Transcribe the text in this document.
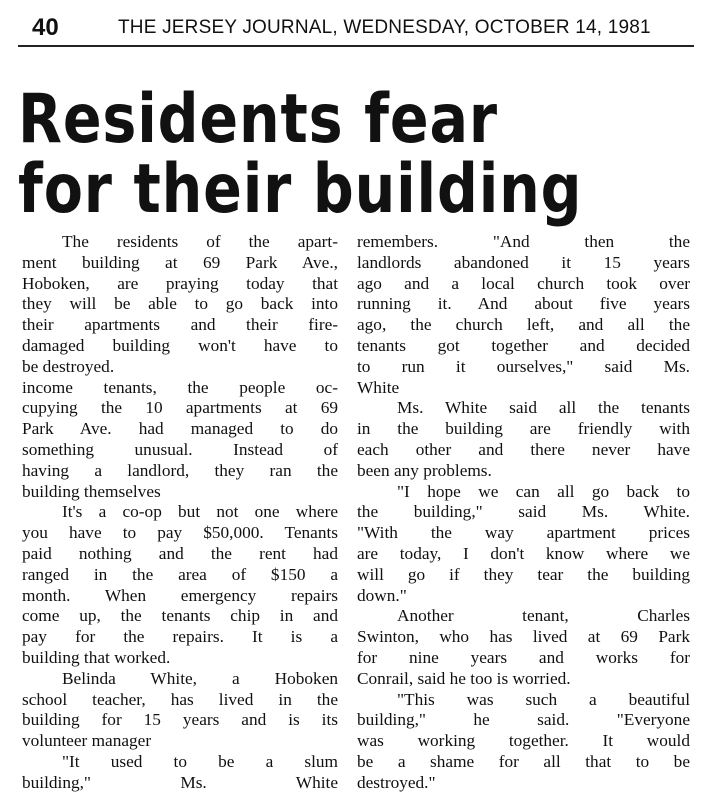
40	THE JERSEY JOURNAL, WEDNESDAY, OCTOBER 14, 1981
Residents fear
for their building
The residents of the apart-
ment building at 69 Park Ave.,
Hoboken, are praying today that
they will be able to go back into
their apartments and their fire-
damaged building won't have to
be destroyed.
income tenants, the people oc-
cupying the 10 apartments at 69
Park Ave. had managed to do
something unusual. Instead of
having a landlord, they ran the
building themselves
It's a co-op but not one where
you have to pay $50,000. Tenants
paid nothing and the rent had
ranged in the area of $150 a
month. When emergency repairs
come up, the tenants chip in and
pay for the repairs. It is a
building that worked.
Belinda White, a Hoboken
school teacher, has lived in the
building for 15 years and is its
volunteer manager
"It used to be a slum
building," Ms. White
remembers. "And then the
landlords abandoned it 15 years
ago and a local church took over
running it. And about five years
ago, the church left, and all the
tenants got together and decided
to run it ourselves," said Ms.
White
Ms. White said all the tenants
in the building are friendly with
each other and there never have
been any problems.
"I hope we can all go back to
the building," said Ms. White.
"With the way apartment prices
are today, I don't know where we
will go if they tear the building
down."
Another tenant, Charles
Swinton, who has lived at 69 Park
for nine years and works for
Conrail, said he too is worried.
"This was such a beautiful
building," he said. "Everyone
was working together. It would
be a shame for all that to be
destroyed."
